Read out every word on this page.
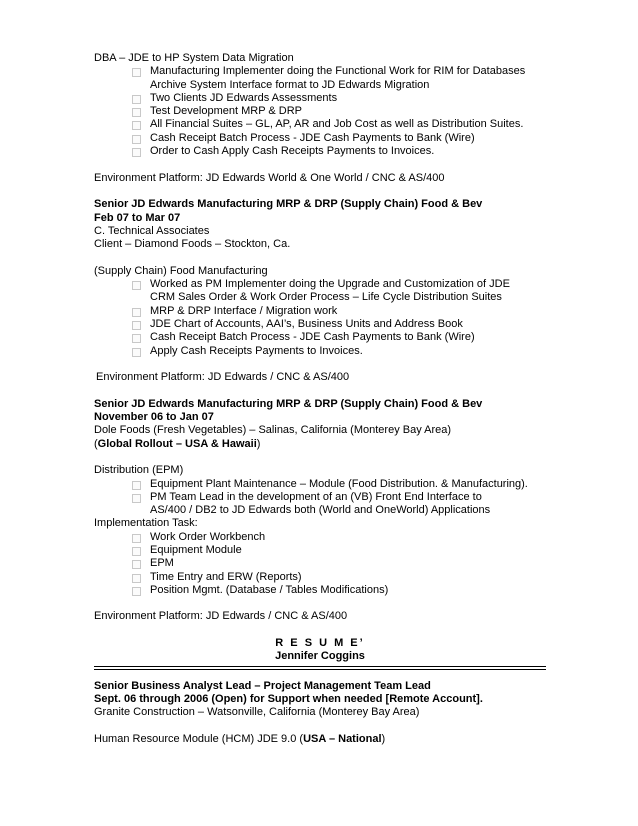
DBA – JDE to HP System Data Migration
Manufacturing Implementer doing the Functional Work for RIM for Databases
Archive System Interface format to JD Edwards Migration
Two Clients JD Edwards Assessments
Test Development MRP & DRP
All Financial Suites – GL, AP, AR and Job Cost as well as Distribution Suites.
Cash Receipt Batch Process - JDE Cash Payments to Bank (Wire)
Order to Cash Apply Cash Receipts Payments to Invoices.
Environment Platform: JD Edwards World & One World / CNC & AS/400
Senior JD Edwards Manufacturing MRP & DRP (Supply Chain) Food & Bev
Feb 07 to Mar 07
C. Technical Associates
Client – Diamond Foods – Stockton, Ca.
(Supply Chain) Food Manufacturing
Worked as PM Implementer doing the Upgrade and Customization of JDE
CRM Sales Order & Work Order Process – Life Cycle Distribution Suites
MRP & DRP Interface / Migration work
JDE Chart of Accounts, AAI’s, Business Units and Address Book
Cash Receipt Batch Process - JDE Cash Payments to Bank (Wire)
Apply Cash Receipts Payments to Invoices.
Environment Platform: JD Edwards / CNC & AS/400
Senior JD Edwards Manufacturing MRP & DRP (Supply Chain) Food & Bev
November 06 to Jan 07
Dole Foods (Fresh Vegetables) – Salinas, California (Monterey Bay Area)
(Global Rollout – USA & Hawaii)
Distribution (EPM)
Equipment Plant Maintenance – Module (Food Distribution. & Manufacturing).
PM Team Lead in the development of an (VB) Front End Interface to
AS/400 / DB2 to JD Edwards both (World and OneWorld) Applications
Implementation Task:
Work Order Workbench
Equipment Module
EPM
Time Entry and ERW (Reports)
Position Mgmt. (Database / Tables Modifications)
Environment Platform: JD Edwards / CNC & AS/400
R E S U M E’
Jennifer Coggins
Senior Business Analyst Lead – Project Management Team Lead
Sept. 06 through 2006 (Open) for Support when needed [Remote Account].
Granite Construction – Watsonville, California (Monterey Bay Area)
Human Resource Module (HCM) JDE 9.0 (USA – National)
